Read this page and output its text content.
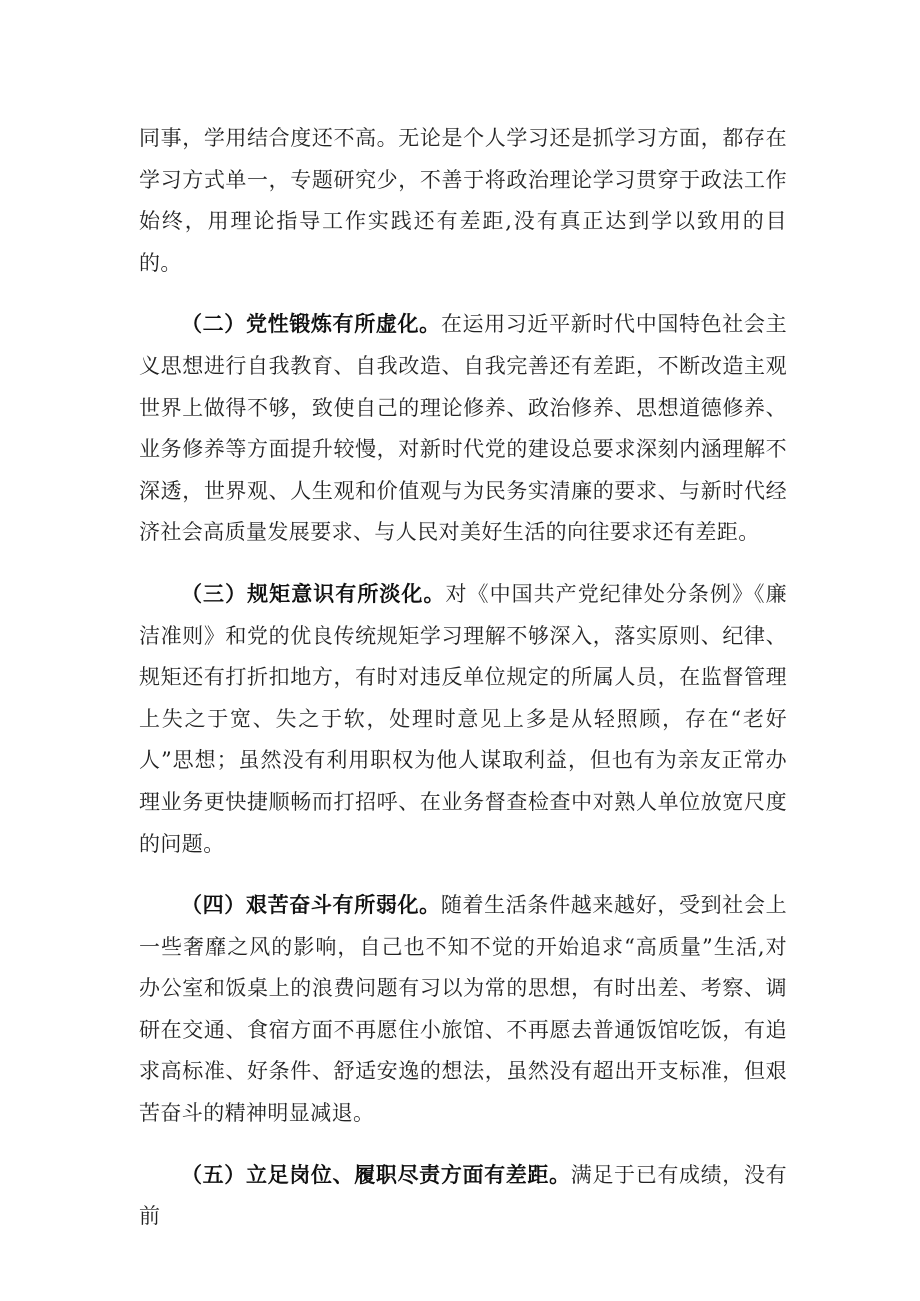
同事，学用结合度还不高。无论是个人学习还是抓学习方面，都存在学习方式单一，专题研究少，不善于将政治理论学习贯穿于政法工作始终，用理论指导工作实践还有差距,没有真正达到学以致用的目的。

（二）党性锻炼有所虚化。在运用习近平新时代中国特色社会主义思想进行自我教育、自我改造、自我完善还有差距，不断改造主观世界上做得不够，致使自己的理论修养、政治修养、思想道德修养、业务修养等方面提升较慢，对新时代党的建设总要求深刻内涵理解不深透，世界观、人生观和价值观与为民务实清廉的要求、与新时代经济社会高质量发展要求、与人民对美好生活的向往要求还有差距。

（三）规矩意识有所淡化。对《中国共产党纪律处分条例》《廉洁准则》和党的优良传统规矩学习理解不够深入，落实原则、纪律、规矩还有打折扣地方，有时对违反单位规定的所属人员，在监督管理上失之于宽、失之于软，处理时意见上多是从轻照顾，存在“老好人”思想；虽然没有利用职权为他人谋取利益，但也有为亲友正常办理业务更快捷顺畅而打招呼、在业务督查检查中对熟人单位放宽尺度的问题。

（四）艰苦奋斗有所弱化。随着生活条件越来越好，受到社会上一些奢靡之风的影响，自己也不知不觉的开始追求“高质量”生活,对办公室和饭桌上的浪费问题有习以为常的思想，有时出差、考察、调研在交通、食宿方面不再愿住小旅馆、不再愿去普通饭馆吃饭，有追求高标准、好条件、舒适安逸的想法，虽然没有超出开支标准，但艰苦奋斗的精神明显减退。

（五）立足岗位、履职尽责方面有差距。满足于已有成绩，没有前
